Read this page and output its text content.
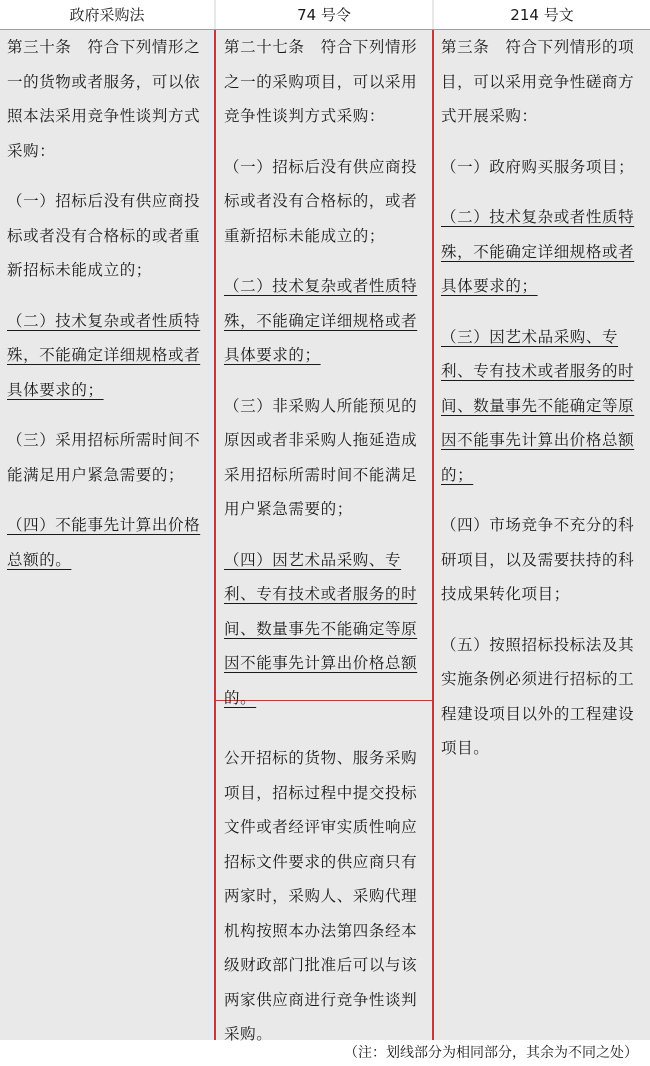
政府采购法	74 号令	214 号文

第三十条　符合下列情形之一的货物或者服务，可以依照本法采用竞争性谈判方式采购：

（一）招标后没有供应商投标或者没有合格标的或者重新招标未能成立的；

（二）技术复杂或者性质特殊，不能确定详细规格或者具体要求的；

（三）采用招标所需时间不能满足用户紧急需要的；

（四）不能事先计算出价格总额的。

第二十七条　符合下列情形之一的采购项目，可以采用竞争性谈判方式采购：

（一）招标后没有供应商投标或者没有合格标的，或者重新招标未能成立的；

（二）技术复杂或者性质特殊，不能确定详细规格或者具体要求的；

（三）非采购人所能预见的原因或者非采购人拖延造成采用招标所需时间不能满足用户紧急需要的；

（四）因艺术品采购、专利、专有技术或者服务的时间、数量事先不能确定等原因不能事先计算出价格总额的。

公开招标的货物、服务采购项目，招标过程中提交投标文件或者经评审实质性响应招标文件要求的供应商只有两家时，采购人、采购代理机构按照本办法第四条经本级财政部门批准后可以与该两家供应商进行竞争性谈判采购。

第三条　符合下列情形的项目，可以采用竞争性磋商方式开展采购：

（一）政府购买服务项目；

（二）技术复杂或者性质特殊，不能确定详细规格或者具体要求的；

（三）因艺术品采购、专利、专有技术或者服务的时间、数量事先不能确定等原因不能事先计算出价格总额的；

（四）市场竞争不充分的科研项目，以及需要扶持的科技成果转化项目；

（五）按照招标投标法及其实施条例必须进行招标的工程建设项目以外的工程建设项目。

（注：划线部分为相同部分，其余为不同之处）
